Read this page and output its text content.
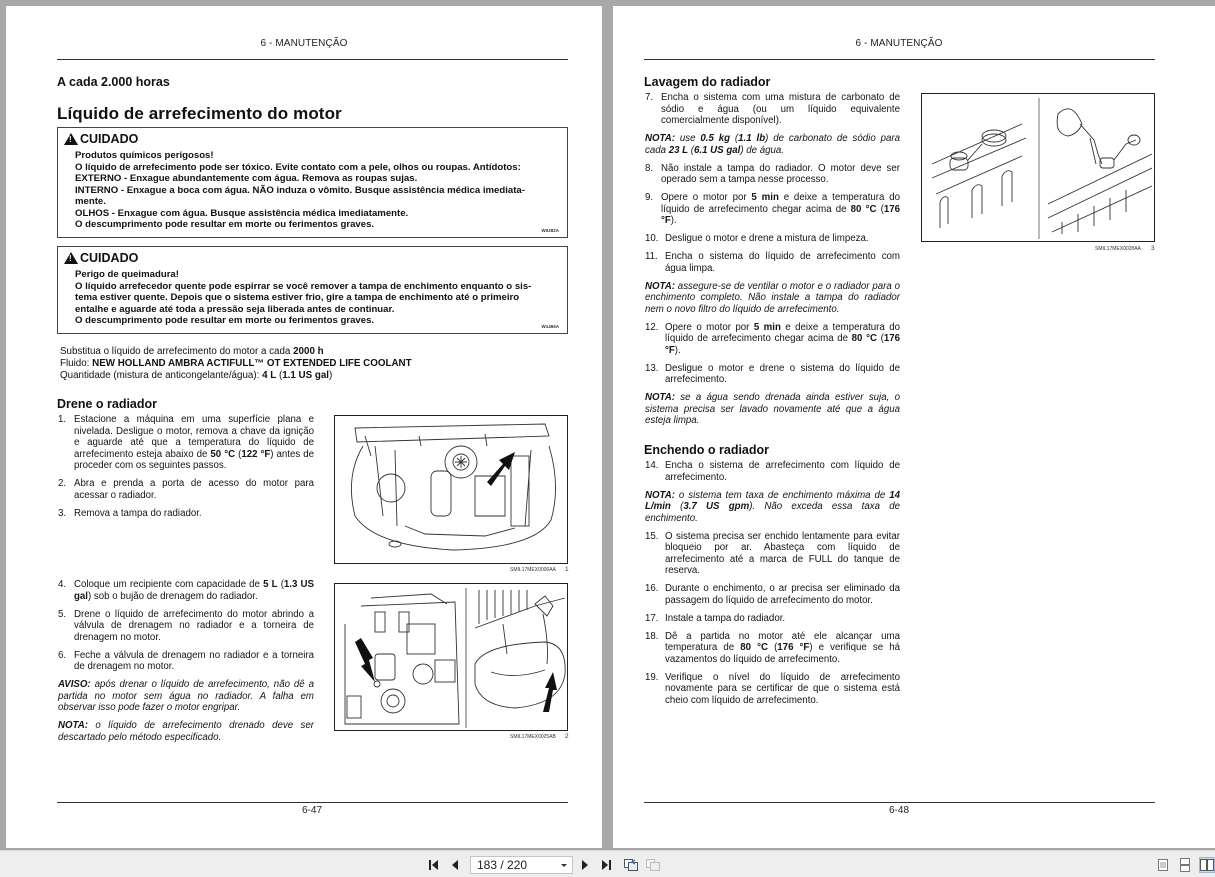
6 - MANUTENÇÃO
A cada 2.000 horas
Líquido de arrefecimento do motor
!
CUIDADO
Produtos químicos perigosos!
O líquido de arrefecimento pode ser tóxico. Evite contato com a pele, olhos ou roupas. Antídotos:
EXTERNO - Enxague abundantemente com água. Remova as roupas sujas.
INTERNO - Enxague a boca com água. NÃO induza o vômito. Busque assistência médica imediata-
mente.
OLHOS - Enxague com água. Busque assistência médica imediatamente.
O descumprimento pode resultar em morte ou ferimentos graves.
W0282A
!
CUIDADO
Perigo de queimadura!
O líquido arrefecedor quente pode espirrar se você remover a tampa de enchimento enquanto o sis-
tema estiver quente. Depois que o sistema estiver frio, gire a tampa de enchimento até o primeiro
entalhe e aguarde até toda a pressão seja liberada antes de continuar.
O descumprimento pode resultar em morte ou ferimentos graves.
W1465A
Substitua o líquido de arrefecimento do motor a cada 2000 h
Fluido: NEW HOLLAND AMBRA ACTIFULL™ OT EXTENDED LIFE COOLANT
Quantidade (mistura de anticongelante/água): 4 L (1.1 US gal)
Drene o radiador
1. Estacione a máquina em uma superfície plana e nivelada. Desligue o motor, remova a chave da ignição e aguarde até que a temperatura do líquido de arrefecimento esteja abaixo de 50 °C (122 °F) antes de proceder com os seguintes passos.
2. Abra e prenda a porta de acesso do motor para acessar o radiador.
3. Remova a tampa do radiador.
4. Coloque um recipiente com capacidade de 5 L (1.3 US gal) sob o bujão de drenagem do radiador.
5. Drene o líquido de arrefecimento do motor abrindo a válvula de drenagem no radiador e a torneira de drenagem no motor.
6. Feche a válvula de drenagem no radiador e a torneira de drenagem no motor.
AVISO: após drenar o líquido de arrefecimento, não dê a partida no motor sem água no radiador. A falha em observar isso pode fazer o motor engripar.
NOTA: o líquido de arrefecimento drenado deve ser descartado pelo método especificado.
SMIL17MEX0006AA 1
SMIL17MEX0025AB 2
6-47
6 - MANUTENÇÃO
Lavagem do radiador
7. Encha o sistema com uma mistura de carbonato de sódio e água (ou um líquido equivalente comercialmente disponível).
NOTA: use 0.5 kg (1.1 lb) de carbonato de sódio para cada 23 L (6.1 US gal) de água.
8. Não instale a tampa do radiador. O motor deve ser operado sem a tampa nesse processo.
9. Opere o motor por 5 min e deixe a temperatura do líquido de arrefecimento chegar acima de 80 °C (176 °F).
10. Desligue o motor e drene a mistura de limpeza.
11. Encha o sistema do líquido de arrefecimento com água limpa.
NOTA: assegure-se de ventilar o motor e o radiador para o enchimento completo. Não instale a tampa do radiador nem o novo filtro do líquido de arrefecimento.
12. Opere o motor por 5 min e deixe a temperatura do líquido de arrefecimento chegar acima de 80 °C (176 °F).
13. Desligue o motor e drene o sistema do líquido de arrefecimento.
NOTA: se a água sendo drenada ainda estiver suja, o sistema precisa ser lavado novamente até que a água esteja limpa.
Enchendo o radiador
14. Encha o sistema de arrefecimento com líquido de arrefecimento.
NOTA: o sistema tem taxa de enchimento máxima de 14 L/min (3.7 US gpm). Não exceda essa taxa de enchimento.
15. O sistema precisa ser enchido lentamente para evitar bloqueio por ar. Abasteça com líquido de arrefecimento até a marca de FULL do tanque de reserva.
16. Durante o enchimento, o ar precisa ser eliminado da passagem do líquido de arrefecimento do motor.
17. Instale a tampa do radiador.
18. Dê a partida no motor até ele alcançar uma temperatura de 80 °C (176 °F) e verifique se há vazamentos do líquido de arrefecimento.
19. Verifique o nível do líquido de arrefecimento novamente para se certificar de que o sistema está cheio com líquido de arrefecimento.
SMIL17MEX0028AA 3
6-48
183 / 220
